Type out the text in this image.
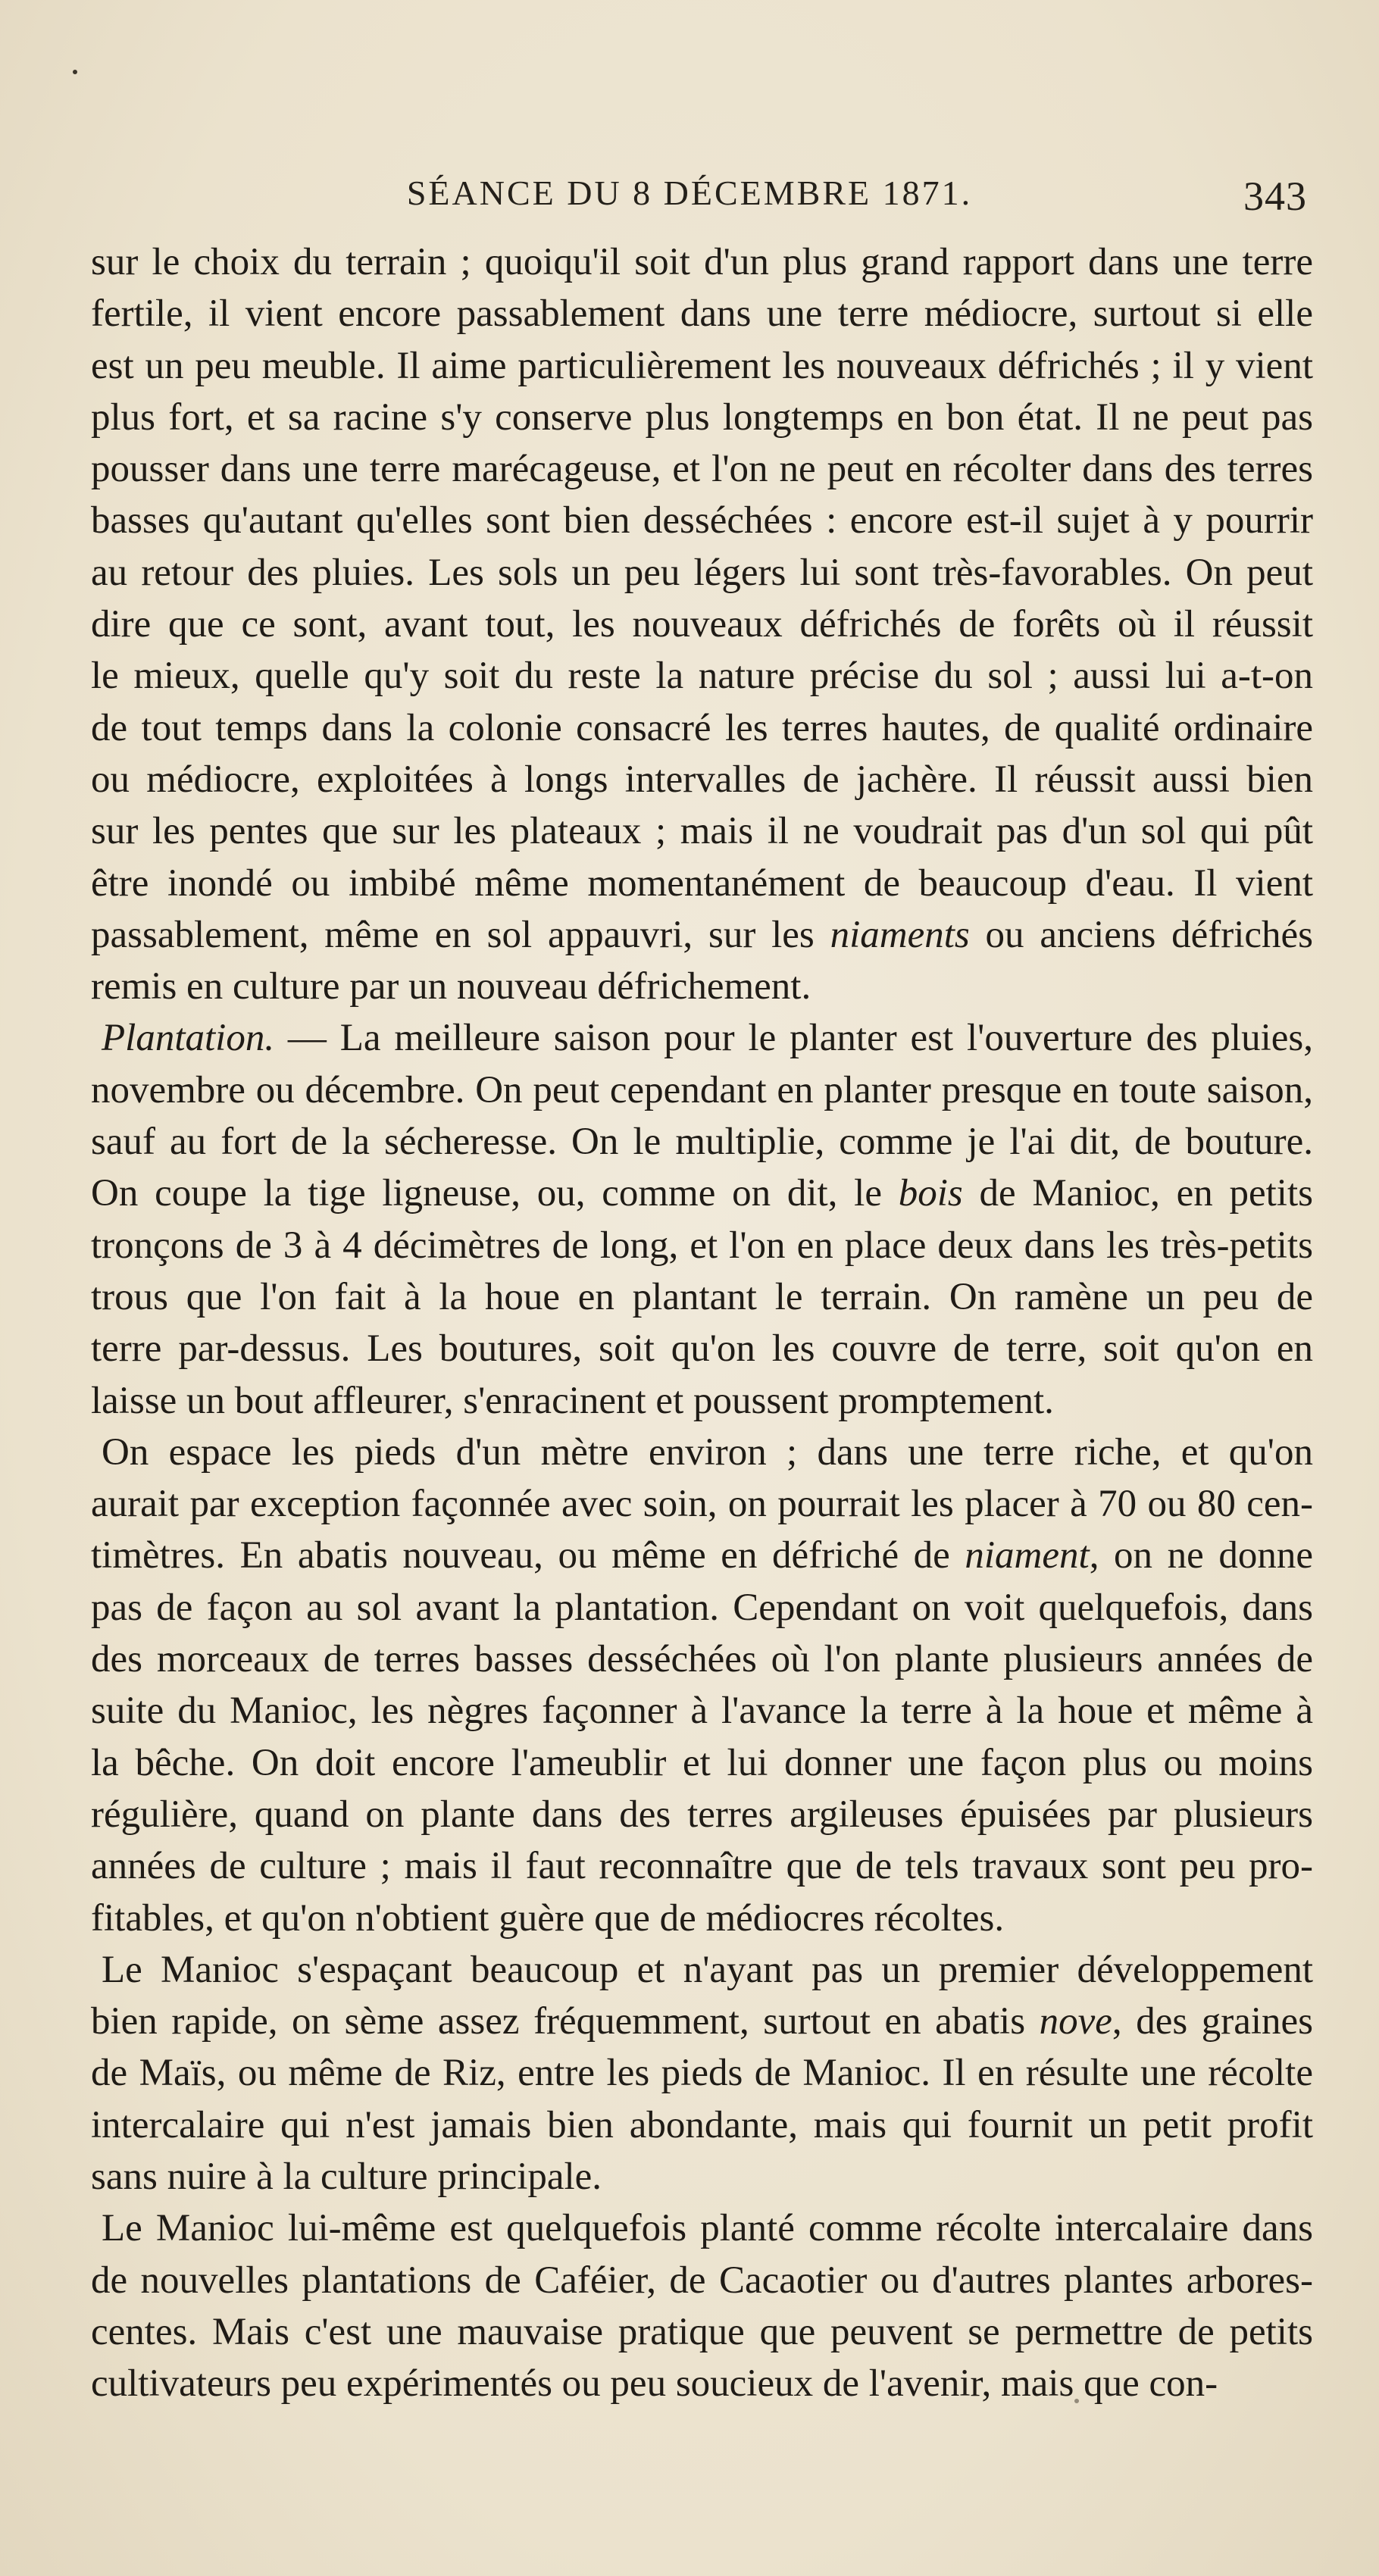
SÉANCE DU 8 DÉCEMBRE 1871.	343
sur le choix du terrain ; quoiqu'il soit d'un plus grand rapport dans une terre
fertile, il vient encore passablement dans une terre médiocre, surtout si elle
est un peu meuble. Il aime particulièrement les nouveaux défrichés ; il y vient
plus fort, et sa racine s'y conserve plus longtemps en bon état. Il ne peut pas
pousser dans une terre marécageuse, et l'on ne peut en récolter dans des terres
basses qu'autant qu'elles sont bien desséchées : encore est-il sujet à y pourrir
au retour des pluies. Les sols un peu légers lui sont très-favorables. On peut
dire que ce sont, avant tout, les nouveaux défrichés de forêts où il réussit
le mieux, quelle qu'y soit du reste la nature précise du sol ; aussi lui a-t-on
de tout temps dans la colonie consacré les terres hautes, de qualité ordinaire
ou médiocre, exploitées à longs intervalles de jachère. Il réussit aussi bien
sur les pentes que sur les plateaux ; mais il ne voudrait pas d'un sol qui pût
être inondé ou imbibé même momentanément de beaucoup d'eau. Il vient
passablement, même en sol appauvri, sur les niaments ou anciens défrichés
remis en culture par un nouveau défrichement.
Plantation. — La meilleure saison pour le planter est l'ouverture des pluies,
novembre ou décembre. On peut cependant en planter presque en toute saison,
sauf au fort de la sécheresse. On le multiplie, comme je l'ai dit, de bouture.
On coupe la tige ligneuse, ou, comme on dit, le bois de Manioc, en petits
tronçons de 3 à 4 décimètres de long, et l'on en place deux dans les très-petits
trous que l'on fait à la houe en plantant le terrain. On ramène un peu de
terre par-dessus. Les boutures, soit qu'on les couvre de terre, soit qu'on en
laisse un bout affleurer, s'enracinent et poussent promptement.
On espace les pieds d'un mètre environ ; dans une terre riche, et qu'on
aurait par exception façonnée avec soin, on pourrait les placer à 70 ou 80 cen-
timètres. En abatis nouveau, ou même en défriché de niament, on ne donne
pas de façon au sol avant la plantation. Cependant on voit quelquefois, dans
des morceaux de terres basses desséchées où l'on plante plusieurs années de
suite du Manioc, les nègres façonner à l'avance la terre à la houe et même à
la bêche. On doit encore l'ameublir et lui donner une façon plus ou moins
régulière, quand on plante dans des terres argileuses épuisées par plusieurs
années de culture ; mais il faut reconnaître que de tels travaux sont peu pro-
fitables, et qu'on n'obtient guère que de médiocres récoltes.
Le Manioc s'espaçant beaucoup et n'ayant pas un premier développement
bien rapide, on sème assez fréquemment, surtout en abatis nove, des graines
de Maïs, ou même de Riz, entre les pieds de Manioc. Il en résulte une récolte
intercalaire qui n'est jamais bien abondante, mais qui fournit un petit profit
sans nuire à la culture principale.
Le Manioc lui-même est quelquefois planté comme récolte intercalaire dans
de nouvelles plantations de Caféier, de Cacaotier ou d'autres plantes arbores-
centes. Mais c'est une mauvaise pratique que peuvent se permettre de petits
cultivateurs peu expérimentés ou peu soucieux de l'avenir, mais que con-
